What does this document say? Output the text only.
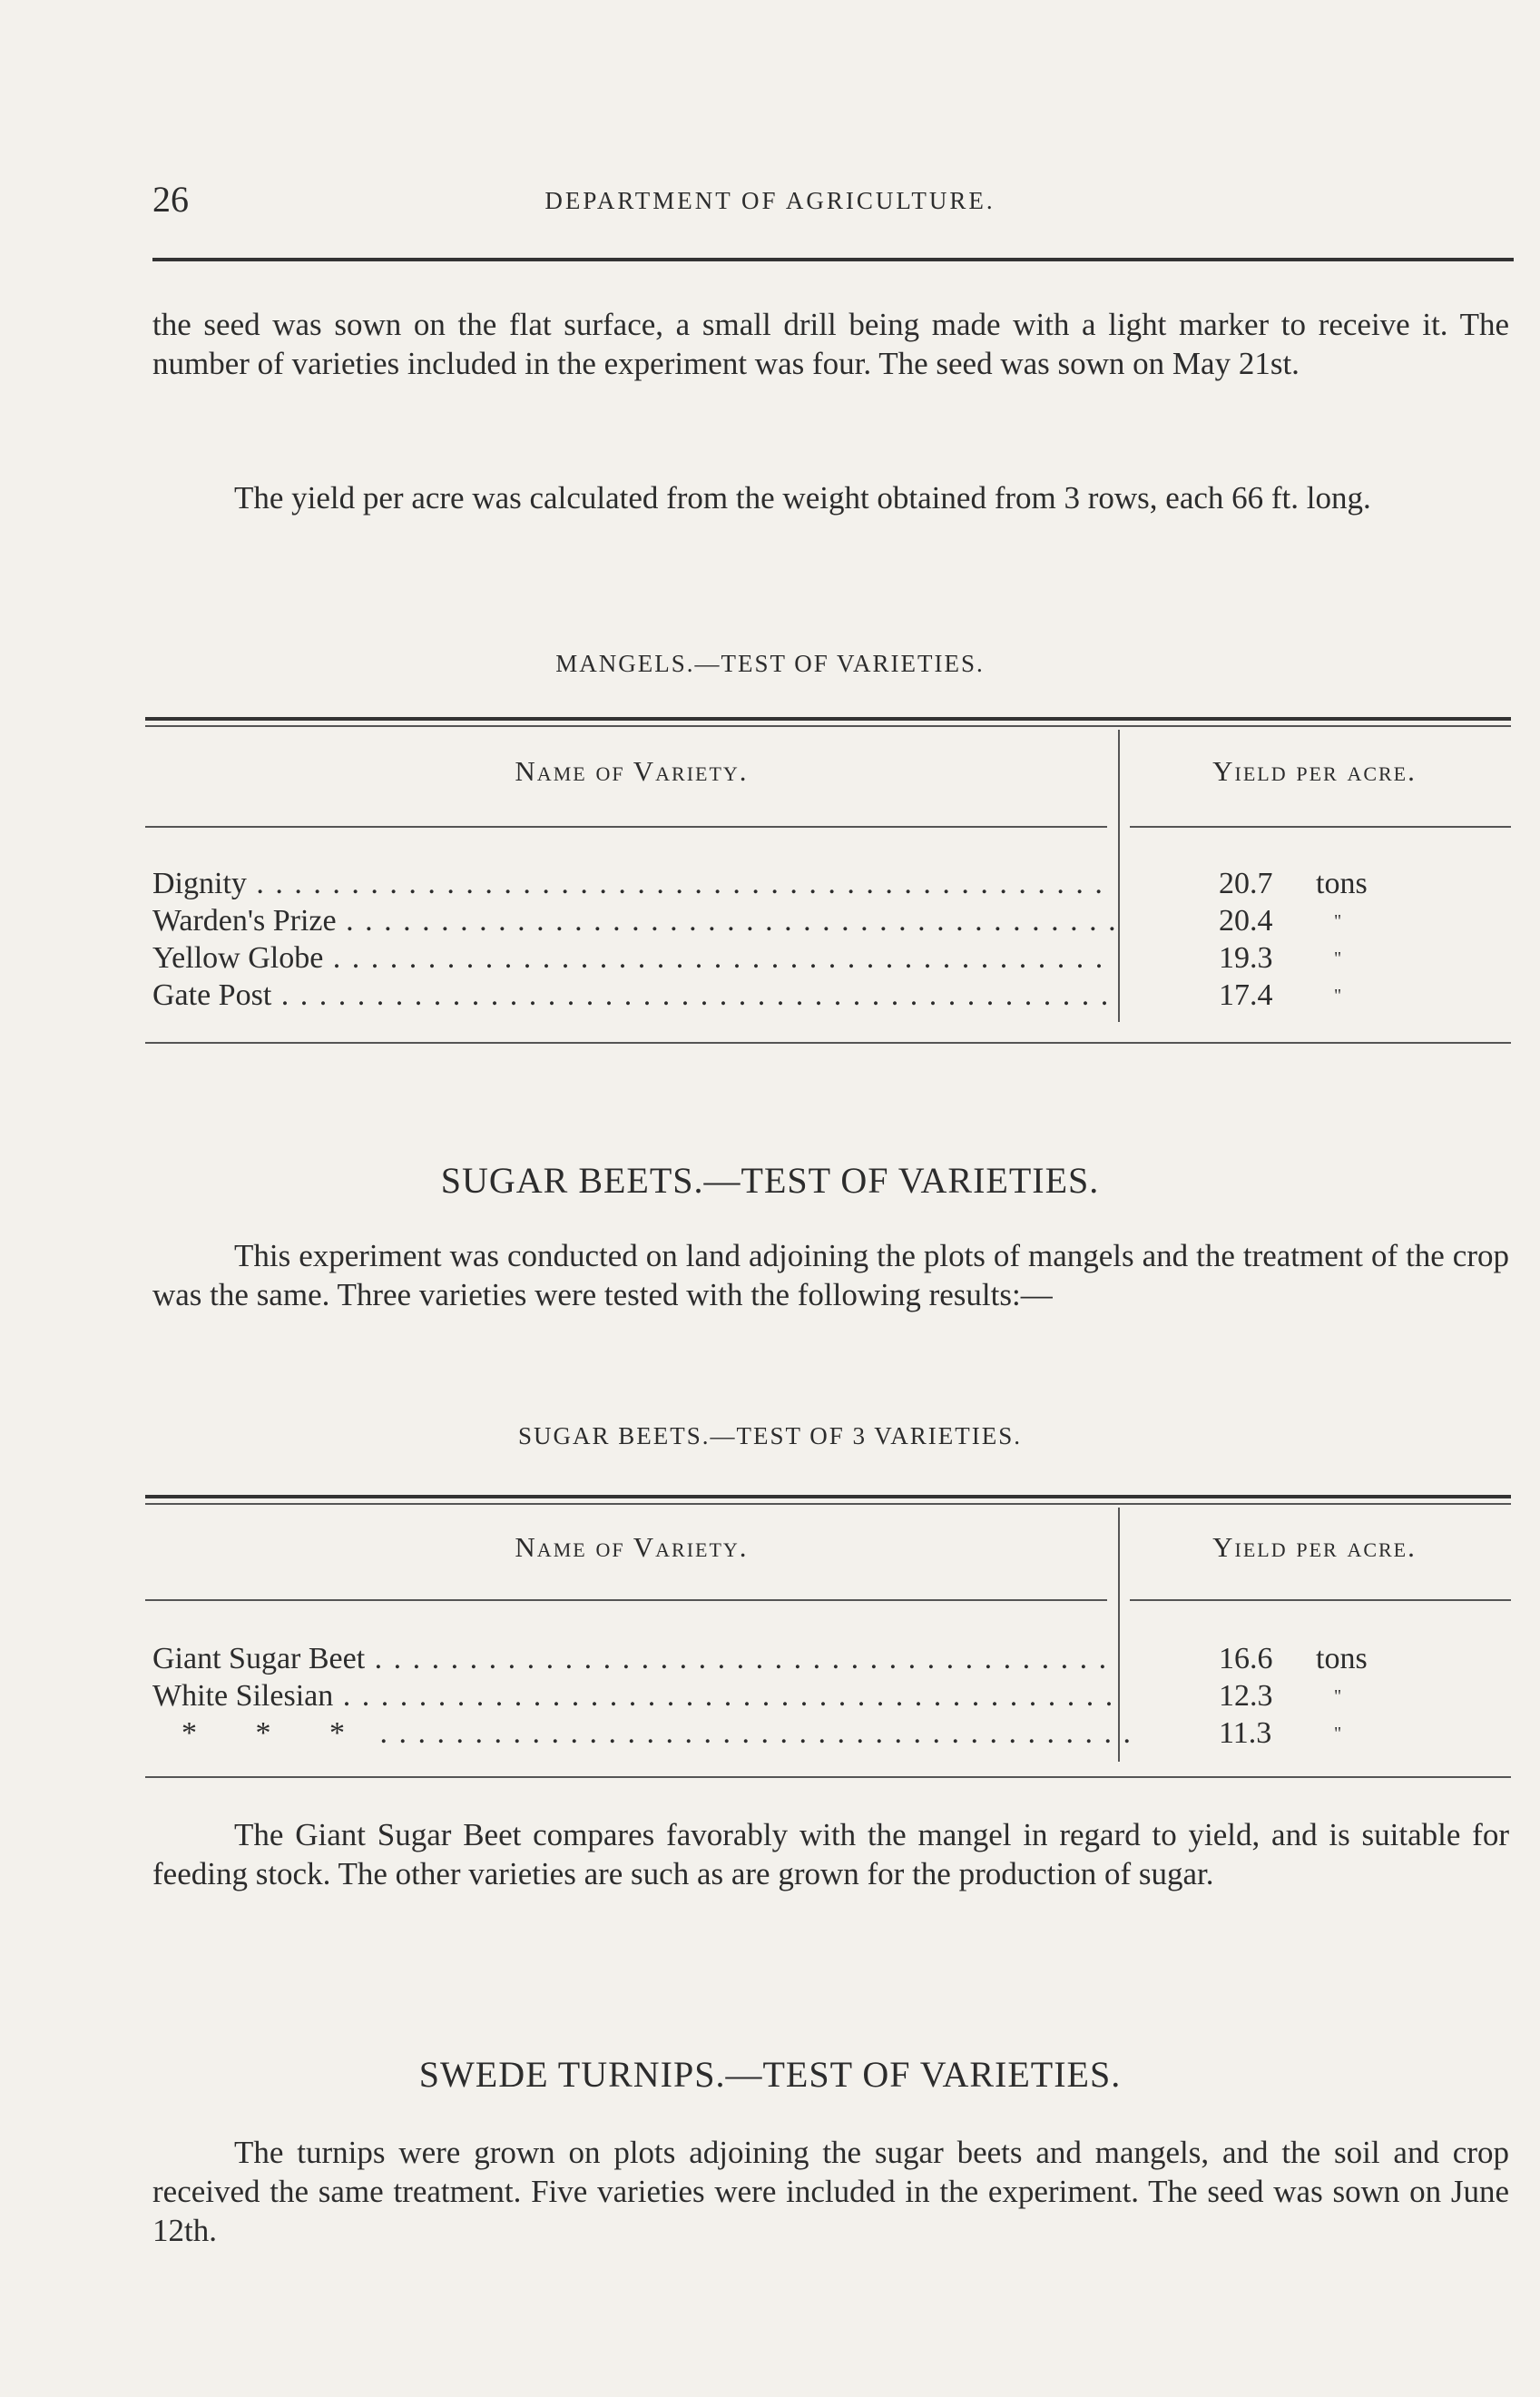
26	DEPARTMENT OF AGRICULTURE.
the seed was sown on the flat surface, a small drill being made with a light marker to receive it. The number of varieties included in the experiment was four. The seed was sown on May 21st.
The yield per acre was calculated from the weight obtained from 3 rows, each 66 ft. long.
MANGELS.—TEST OF VARIETIES.
Name of Variety.	Yield per acre.
Dignity . . .	20.7 tons
Warden's Prize . . .	20.4	"
Yellow Globe . . .	19.3	"
Gate Post . . .	17.4	"
SUGAR BEETS.—TEST OF VARIETIES.
This experiment was conducted on land adjoining the plots of mangels and the treatment of the crop was the same. Three varieties were tested with the following results:—
SUGAR BEETS.—TEST OF 3 VARIETIES.
Name of Variety.	Yield per acre.
Giant Sugar Beet . . .	16.6 tons
White Silesian . . .	12.3	"
* * * . . .	11.3	"
The Giant Sugar Beet compares favorably with the mangel in regard to yield, and is suitable for feeding stock. The other varieties are such as are grown for the production of sugar.
SWEDE TURNIPS.—TEST OF VARIETIES.
The turnips were grown on plots adjoining the sugar beets and mangels, and the soil and crop received the same treatment. Five varieties were included in the experiment. The seed was sown on June 12th.
